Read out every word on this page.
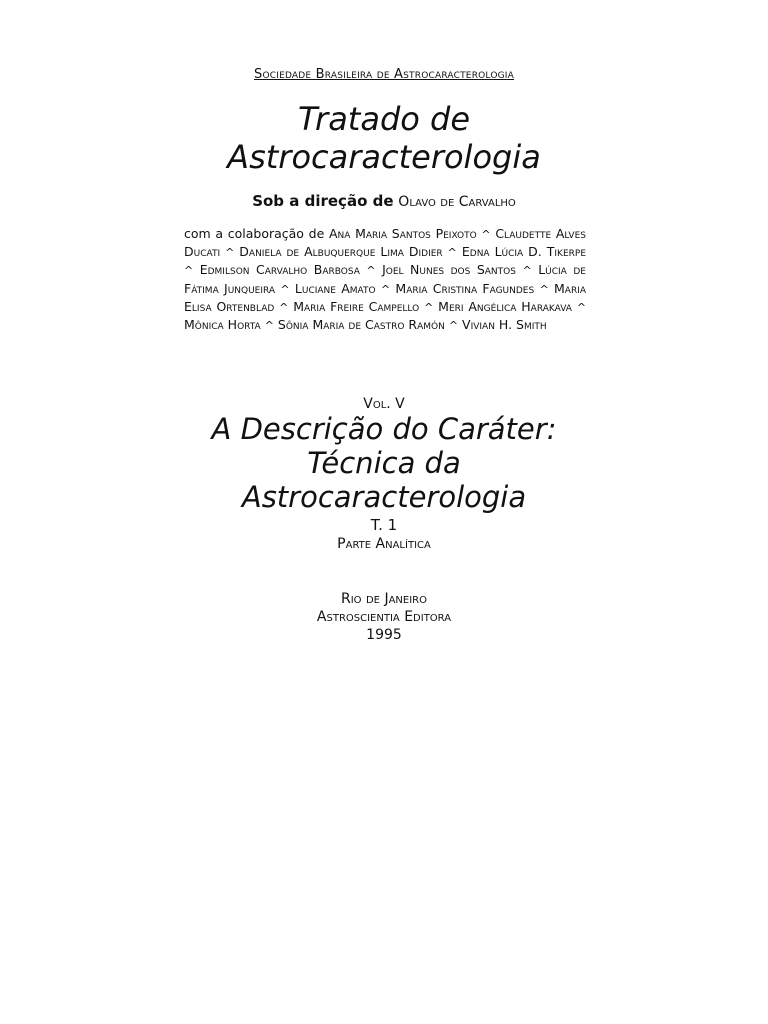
Sociedade Brasileira de Astrocaracterologia
Tratado de
Astrocaracterologia
Sob a direção de Olavo de Carvalho
com a colaboração de Ana Maria Santos Peixoto ^ Claudette Alves Ducati ^ Daniela de Albuquerque Lima Didier ^ Edna Lúcia D. Tikerpe ^ Edmilson Carvalho Barbosa ^ Joel Nunes dos Santos ^ Lúcia de Fátima Junqueira ^ Luciane Amato ^ Maria Cristina Fagundes ^ Maria Elisa Ortenblad ^ Maria Freire Campello ^ Meri Angélica Harakava ^ Mônica Horta ^ Sônia Maria de Castro Ramón ^ Vivian H. Smith
Vol. V
A Descrição do Caráter:
Técnica da
Astrocaracterologia
T. 1
Parte Analítica
Rio de Janeiro
Astroscientia Editora
1995
